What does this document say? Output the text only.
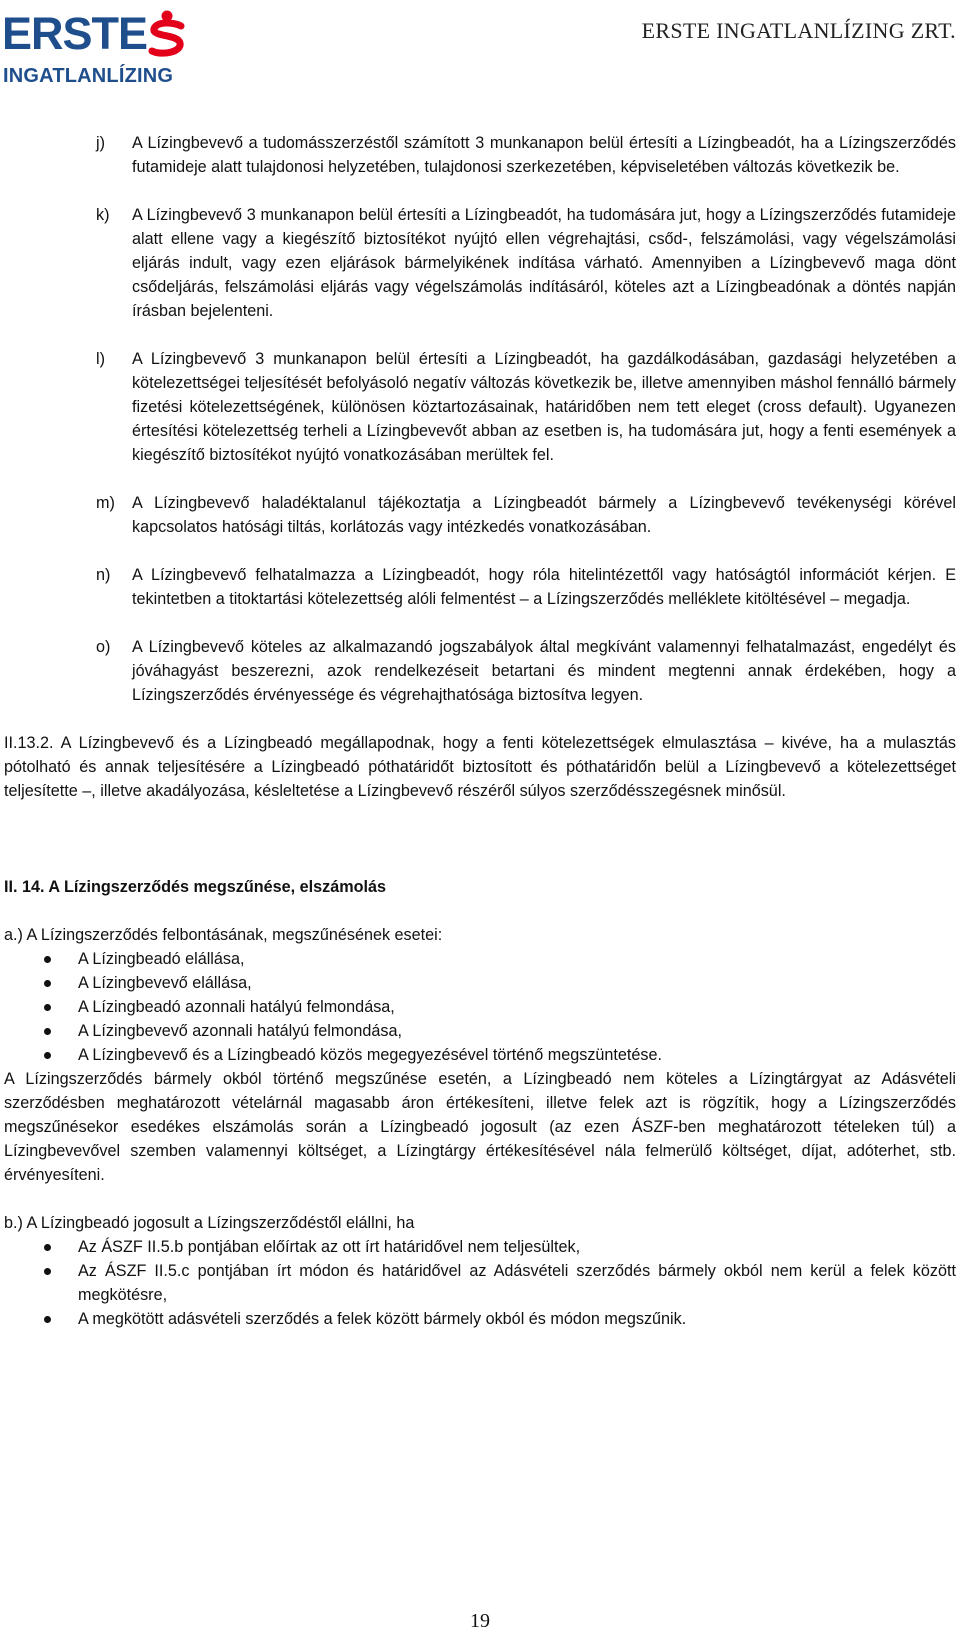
ERSTE
INGATLANLÍZING
ERSTE INGATLANLÍZING ZRT.
j)	A Lízingbevevő a tudomásszerzéstől számított 3 munkanapon belül értesíti a Lízingbeadót, ha a Lízingszerződés futamideje alatt tulajdonosi helyzetében, tulajdonosi szerkezetében, képviseletében változás következik be.
k)	A Lízingbevevő 3 munkanapon belül értesíti a Lízingbeadót, ha tudomására jut, hogy a Lízingszerződés futamideje alatt ellene vagy a kiegészítő biztosítékot nyújtó ellen végrehajtási, csőd-, felszámolási, vagy végelszámolási eljárás indult, vagy ezen eljárások bármelyikének indítása várható. Amennyiben a Lízingbevevő maga dönt csődeljárás, felszámolási eljárás vagy végelszámolás indításáról, köteles azt a Lízingbeadónak a döntés napján írásban bejelenteni.
l)	A Lízingbevevő 3 munkanapon belül értesíti a Lízingbeadót, ha gazdálkodásában, gazdasági helyzetében a kötelezettségei teljesítését befolyásoló negatív változás következik be, illetve amennyiben máshol fennálló bármely fizetési kötelezettségének, különösen köztartozásainak, határidőben nem tett eleget (cross default). Ugyanezen értesítési kötelezettség terheli a Lízingbevevőt abban az esetben is, ha tudomására jut, hogy a fenti események a kiegészítő biztosítékot nyújtó vonatkozásában merültek fel.
m)	A Lízingbevevő haladéktalanul tájékoztatja a Lízingbeadót bármely a Lízingbevevő tevékenységi körével kapcsolatos hatósági tiltás, korlátozás vagy intézkedés vonatkozásában.
n)	A Lízingbevevő felhatalmazza a Lízingbeadót, hogy róla hitelintézettől vagy hatóságtól információt kérjen. E tekintetben a titoktartási kötelezettség alóli felmentést – a Lízingszerződés melléklete kitöltésével – megadja.
o)	A Lízingbevevő köteles az alkalmazandó jogszabályok által megkívánt valamennyi felhatalmazást, engedélyt és jóváhagyást beszerezni, azok rendelkezéseit betartani és mindent megtenni annak érdekében, hogy a Lízingszerződés érvényessége és végrehajthatósága biztosítva legyen.

II.13.2. A Lízingbevevő és a Lízingbeadó megállapodnak, hogy a fenti kötelezettségek elmulasztása – kivéve, ha a mulasztás pótolható és annak teljesítésére a Lízingbeadó póthatáridőt biztosított és póthatáridőn belül a Lízingbevevő a kötelezettséget teljesítette –, illetve akadályozása, késleltetése a Lízingbevevő részéről súlyos szerződésszegésnek minősül.

II. 14. A Lízingszerződés megszűnése, elszámolás

a.) A Lízingszerződés felbontásának, megszűnésének esetei:

A Lízingbeadó elállása,
A Lízingbevevő elállása,
A Lízingbeadó azonnali hatályú felmondása,
A Lízingbevevő azonnali hatályú felmondása,
A Lízingbevevő és a Lízingbeadó közös megegyezésével történő megszüntetése.

A Lízingszerződés bármely okból történő megszűnése esetén, a Lízingbeadó nem köteles a Lízingtárgyat az Adásvételi szerződésben meghatározott vételárnál magasabb áron értékesíteni, illetve felek azt is rögzítik, hogy a Lízingszerződés megszűnésekor esedékes elszámolás során a Lízingbeadó jogosult (az ezen ÁSZF-ben meghatározott tételeken túl) a Lízingbevevővel szemben valamennyi költséget, a Lízingtárgy értékesítésével nála felmerülő költséget, díjat, adóterhet, stb. érvényesíteni.

b.) A Lízingbeadó jogosult a Lízingszerződéstől elállni, ha

Az ÁSZF II.5.b pontjában előírtak az ott írt határidővel nem teljesültek,
Az ÁSZF II.5.c pontjában írt módon és határidővel az Adásvételi szerződés bármely okból nem kerül a felek között megkötésre,
A megkötött adásvételi szerződés a felek között bármely okból és módon megszűnik.
19
